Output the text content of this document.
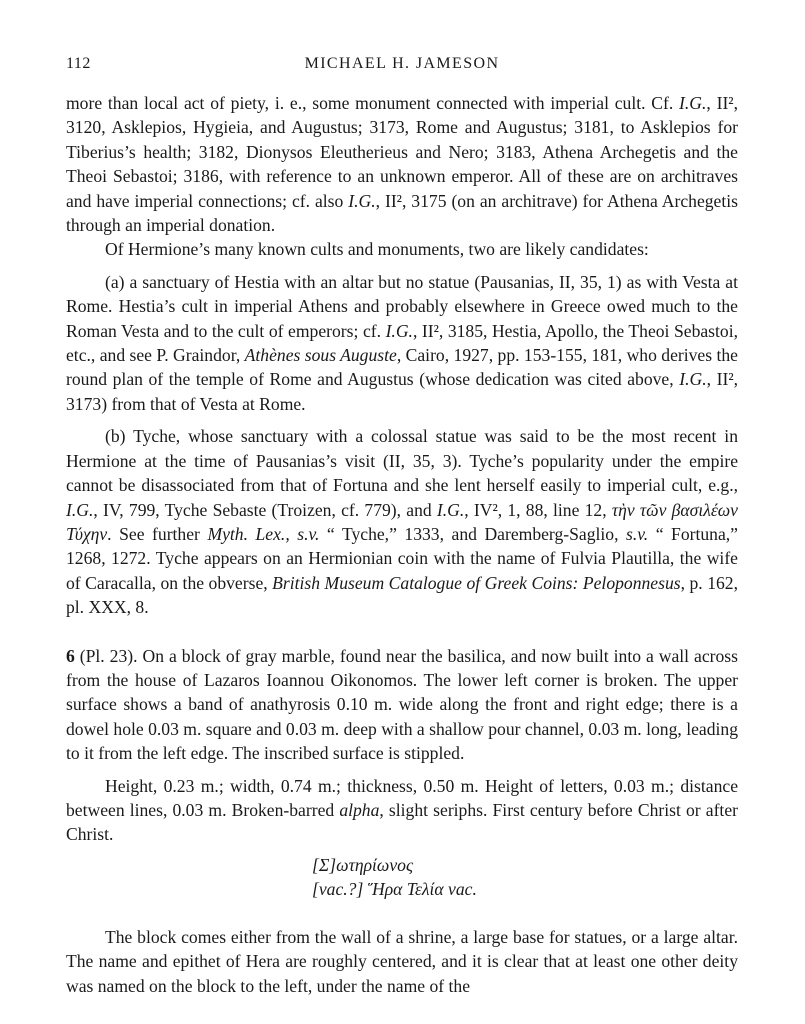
112	MICHAEL H. JAMESON

more than local act of piety, i. e., some monument connected with imperial cult. Cf. I.G., II², 3120, Asklepios, Hygieia, and Augustus; 3173, Rome and Augustus; 3181, to Asklepios for Tiberius’s health; 3182, Dionysos Eleutherieus and Nero; 3183, Athena Archegetis and the Theoi Sebastoi; 3186, with reference to an unknown emperor. All of these are on architraves and have imperial connections; cf. also I.G., II², 3175 (on an architrave) for Athena Archegetis through an imperial donation.

Of Hermione’s many known cults and monuments, two are likely candidates:

(a) a sanctuary of Hestia with an altar but no statue (Pausanias, II, 35, 1) as with Vesta at Rome. Hestia’s cult in imperial Athens and probably elsewhere in Greece owed much to the Roman Vesta and to the cult of emperors; cf. I.G., II², 3185, Hestia, Apollo, the Theoi Sebastoi, etc., and see P. Graindor, Athènes sous Auguste, Cairo, 1927, pp. 153-155, 181, who derives the round plan of the temple of Rome and Augustus (whose dedication was cited above, I.G., II², 3173) from that of Vesta at Rome.

(b) Tyche, whose sanctuary with a colossal statue was said to be the most recent in Hermione at the time of Pausanias’s visit (II, 35, 3). Tyche’s popularity under the empire cannot be disassociated from that of Fortuna and she lent herself easily to imperial cult, e.g., I.G., IV, 799, Tyche Sebaste (Troizen, cf. 779), and I.G., IV², 1, 88, line 12, τὴν τῶν βασιλέων Τύχην. See further Myth. Lex., s.v. “ Tyche,” 1333, and Daremberg-Saglio, s.v. “ Fortuna,” 1268, 1272. Tyche appears on an Hermionian coin with the name of Fulvia Plautilla, the wife of Caracalla, on the obverse, British Museum Catalogue of Greek Coins: Peloponnesus, p. 162, pl. XXX, 8.

6 (Pl. 23). On a block of gray marble, found near the basilica, and now built into a wall across from the house of Lazaros Ioannou Oikonomos. The lower left corner is broken. The upper surface shows a band of anathyrosis 0.10 m. wide along the front and right edge; there is a dowel hole 0.03 m. square and 0.03 m. deep with a shallow pour channel, 0.03 m. long, leading to it from the left edge. The inscribed surface is stippled.

Height, 0.23 m.; width, 0.74 m.; thickness, 0.50 m. Height of letters, 0.03 m.; distance between lines, 0.03 m. Broken-barred alpha, slight seriphs. First century before Christ or after Christ.

[Σ]ωτηρίωνος
[vac.?] Ἥρα Τελία vac.

The block comes either from the wall of a shrine, a large base for statues, or a large altar. The name and epithet of Hera are roughly centered, and it is clear that at least one other deity was named on the block to the left, under the name of the
